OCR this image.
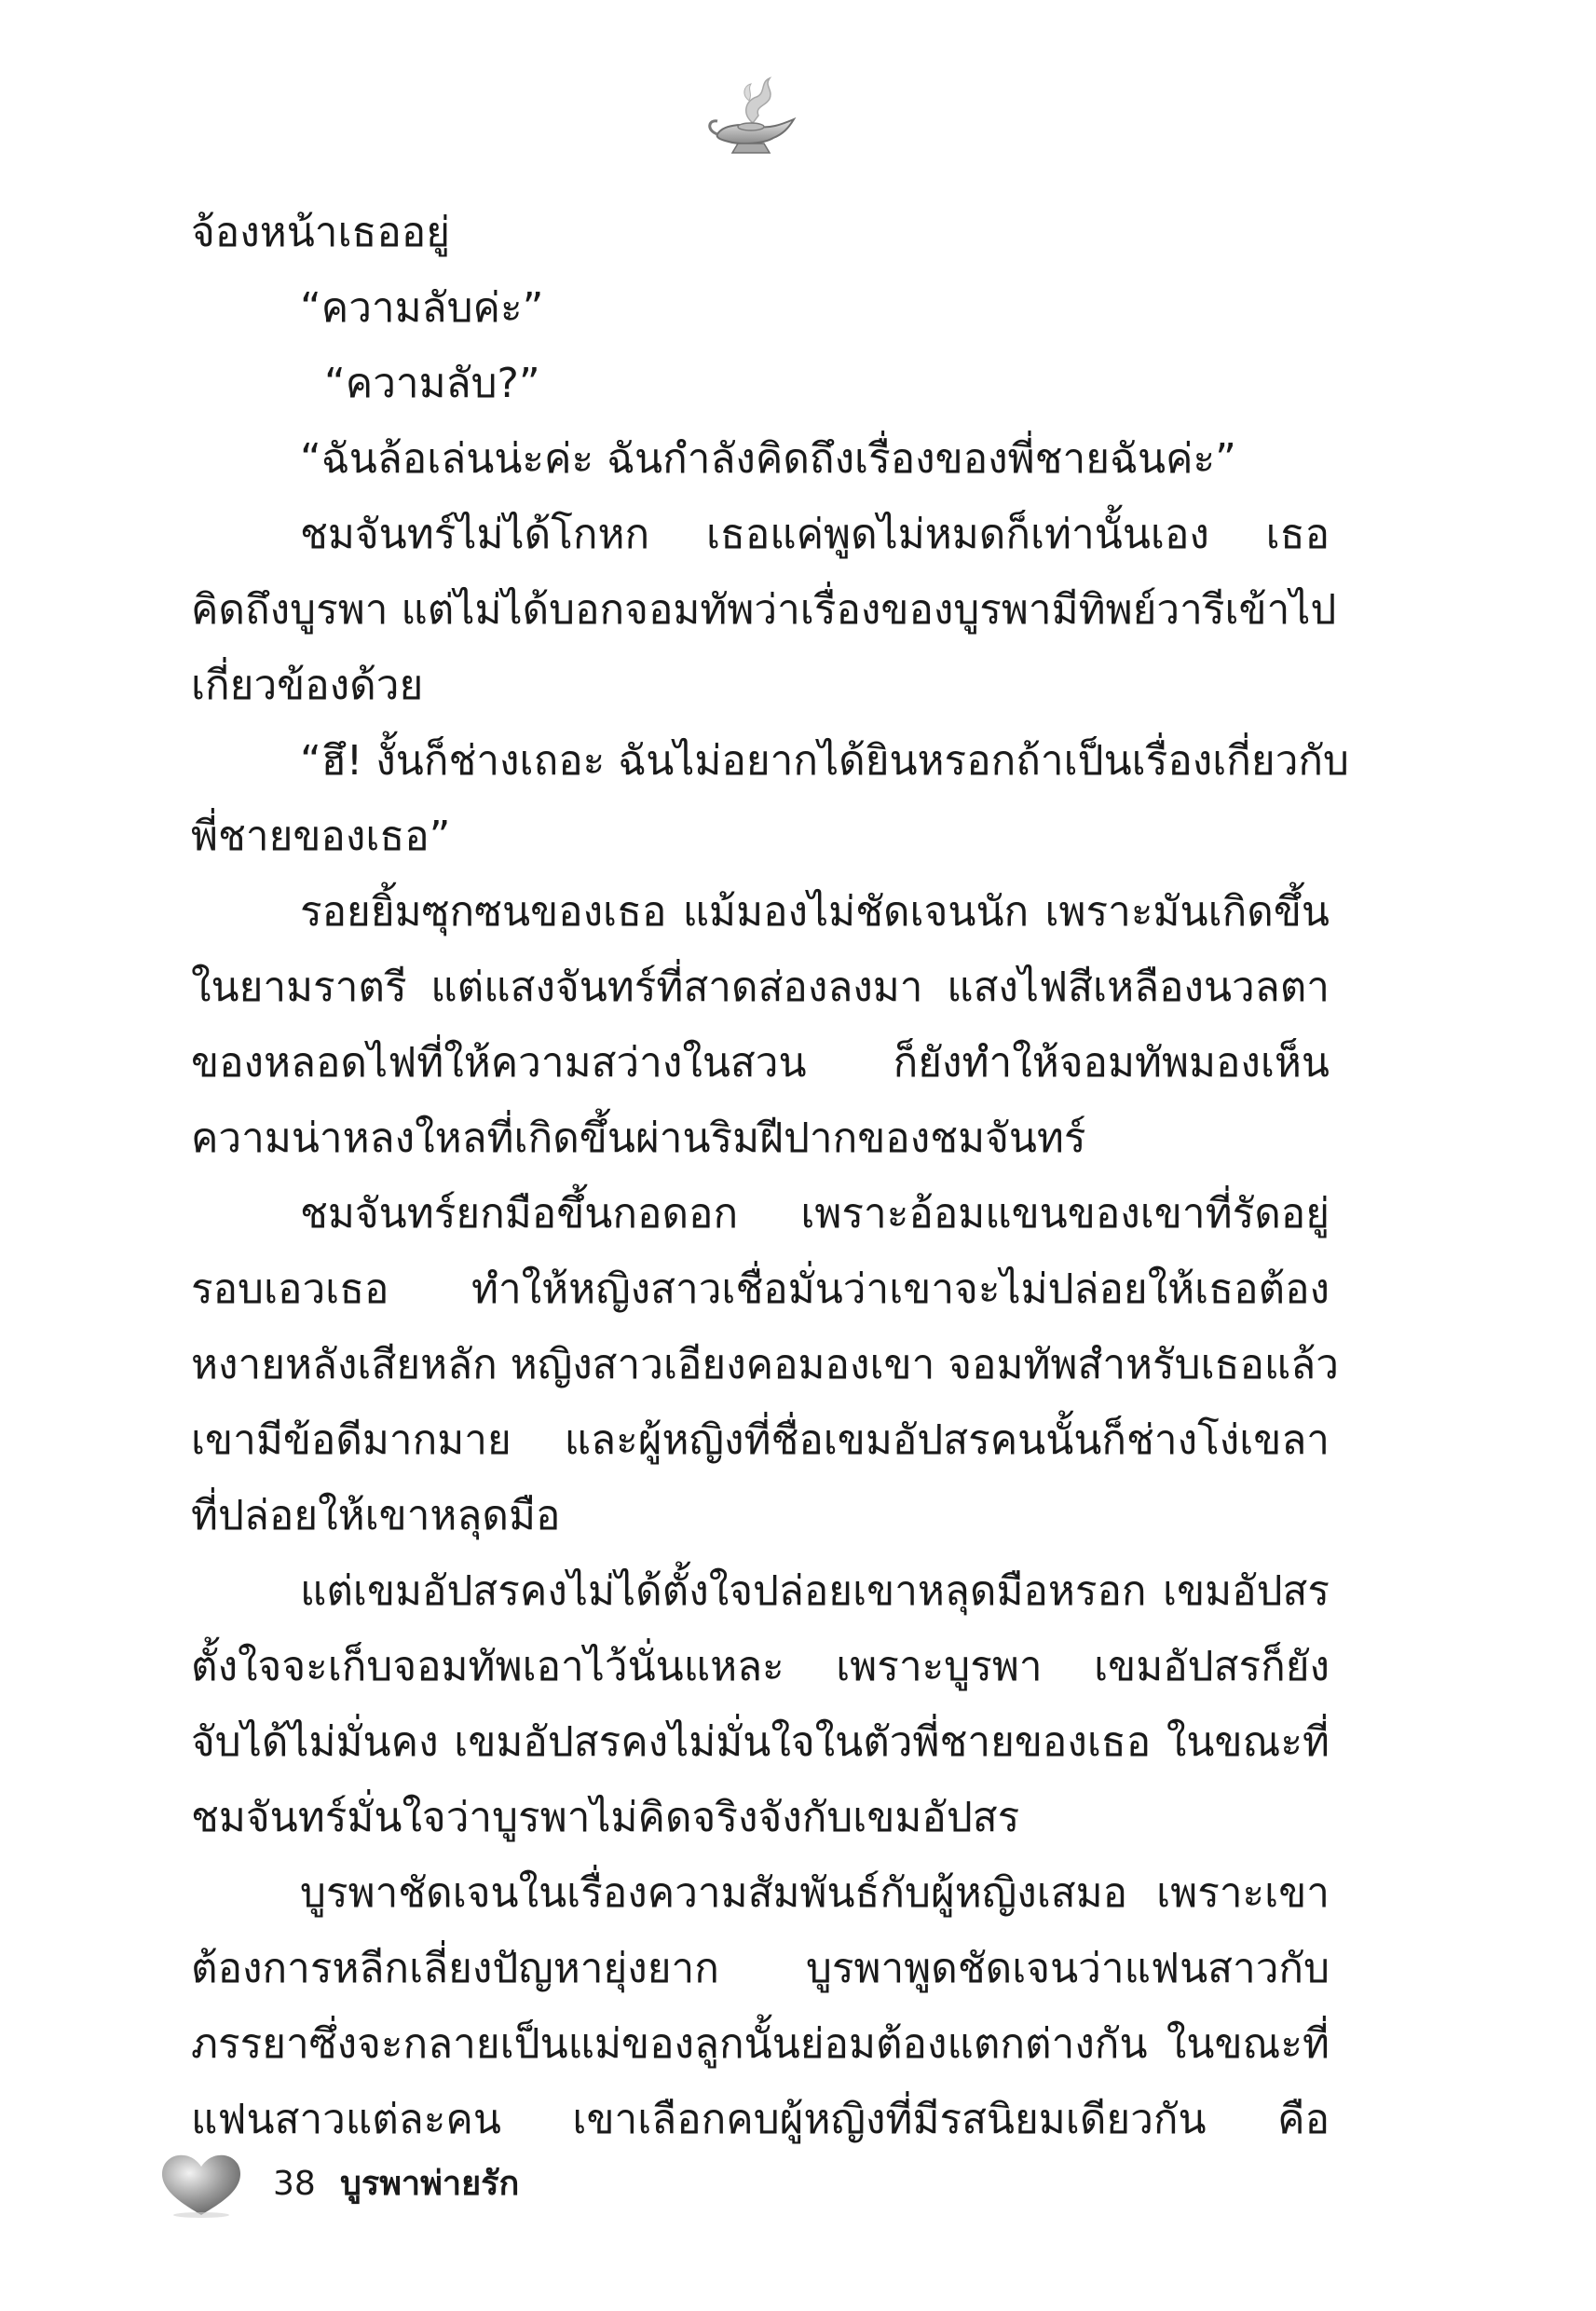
จ้องหน้าเธออยู่
“ความลับค่ะ”
“ความลับ?”
“ฉันล้อเล่นน่ะค่ะ ฉันกำลังคิดถึงเรื่องของพี่ชายฉันค่ะ”
ชมจันทร์ไม่ได้โกหก เธอแค่พูดไม่หมดก็เท่านั้นเอง เธอ
คิดถึงบูรพา แต่ไม่ได้บอกจอมทัพว่าเรื่องของบูรพามีทิพย์วารีเข้าไป
เกี่ยวข้องด้วย
“ฮึ! งั้นก็ช่างเถอะ ฉันไม่อยากได้ยินหรอกถ้าเป็นเรื่องเกี่ยวกับ
พี่ชายของเธอ”
รอยยิ้มซุกซนของเธอ แม้มองไม่ชัดเจนนัก เพราะมันเกิดขึ้น
ในยามราตรี แต่แสงจันทร์ที่สาดส่องลงมา แสงไฟสีเหลืองนวลตา
ของหลอดไฟที่ให้ความสว่างในสวน ก็ยังทำให้จอมทัพมองเห็น
ความน่าหลงใหลที่เกิดขึ้นผ่านริมฝีปากของชมจันทร์
ชมจันทร์ยกมือขึ้นกอดอก เพราะอ้อมแขนของเขาที่รัดอยู่
รอบเอวเธอ ทำให้หญิงสาวเชื่อมั่นว่าเขาจะไม่ปล่อยให้เธอต้อง
หงายหลังเสียหลัก หญิงสาวเอียงคอมองเขา จอมทัพสำหรับเธอแล้ว
เขามีข้อดีมากมาย และผู้หญิงที่ชื่อเขมอัปสรคนนั้นก็ช่างโง่เขลา
ที่ปล่อยให้เขาหลุดมือ
แต่เขมอัปสรคงไม่ได้ตั้งใจปล่อยเขาหลุดมือหรอก เขมอัปสร
ตั้งใจจะเก็บจอมทัพเอาไว้นั่นแหละ เพราะบูรพา เขมอัปสรก็ยัง
จับได้ไม่มั่นคง เขมอัปสรคงไม่มั่นใจในตัวพี่ชายของเธอ ในขณะที่
ชมจันทร์มั่นใจว่าบูรพาไม่คิดจริงจังกับเขมอัปสร
บูรพาชัดเจนในเรื่องความสัมพันธ์กับผู้หญิงเสมอ เพราะเขา
ต้องการหลีกเลี่ยงปัญหายุ่งยาก บูรพาพูดชัดเจนว่าแฟนสาวกับ
ภรรยาซึ่งจะกลายเป็นแม่ของลูกนั้นย่อมต้องแตกต่างกัน ในขณะที่
แฟนสาวแต่ละคน เขาเลือกคบผู้หญิงที่มีรสนิยมเดียวกัน คือ
38 บูรพาพ่ายรัก
